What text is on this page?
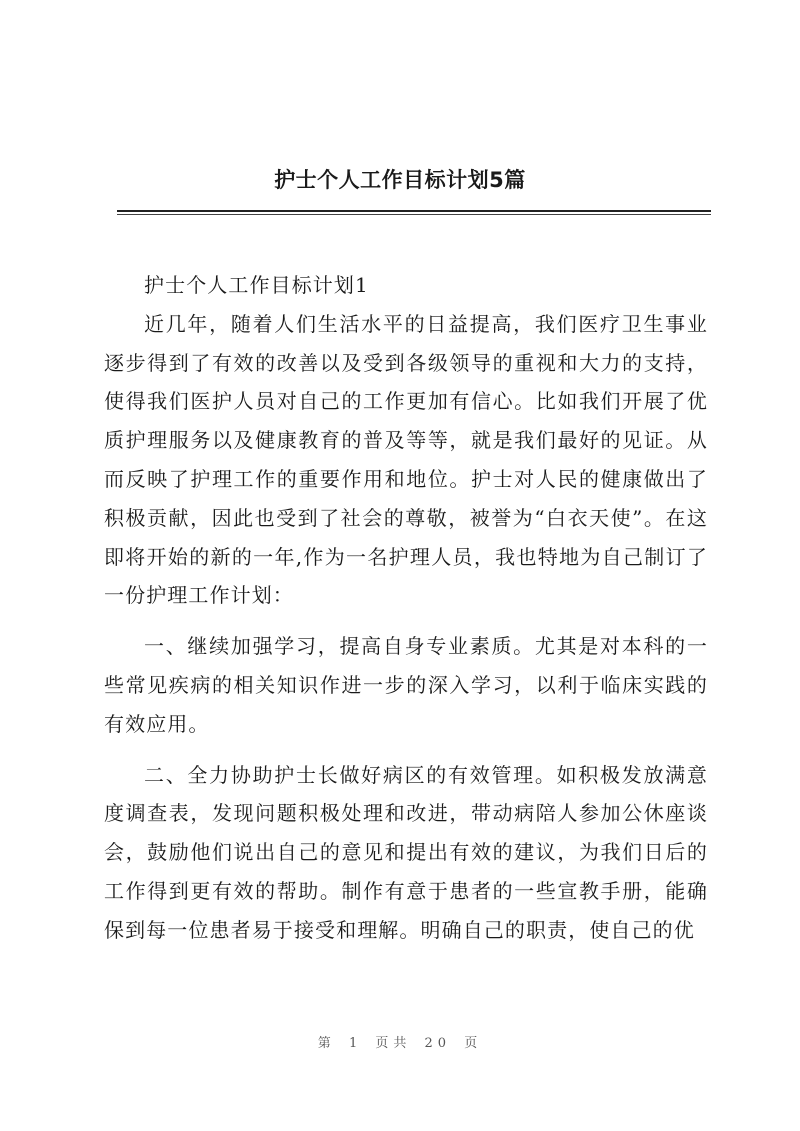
护士个人工作目标计划5篇

护士个人工作目标计划1

近几年，随着人们生活水平的日益提高，我们医疗卫生事业逐步得到了有效的改善以及受到各级领导的重视和大力的支持，使得我们医护人员对自己的工作更加有信心。比如我们开展了优质护理服务以及健康教育的普及等等，就是我们最好的见证。从而反映了护理工作的重要作用和地位。护士对人民的健康做出了积极贡献，因此也受到了社会的尊敬，被誉为“白衣天使”。在这即将开始的新的一年,作为一名护理人员，我也特地为自己制订了一份护理工作计划：

一、继续加强学习，提高自身专业素质。尤其是对本科的一些常见疾病的相关知识作进一步的深入学习，以利于临床实践的有效应用。

二、全力协助护士长做好病区的有效管理。如积极发放满意度调查表，发现问题积极处理和改进，带动病陪人参加公休座谈会，鼓励他们说出自己的意见和提出有效的建议，为我们日后的工作得到更有效的帮助。制作有意于患者的一些宣教手册，能确保到每一位患者易于接受和理解。明确自己的职责，使自己的优

第 1 页共 20 页
